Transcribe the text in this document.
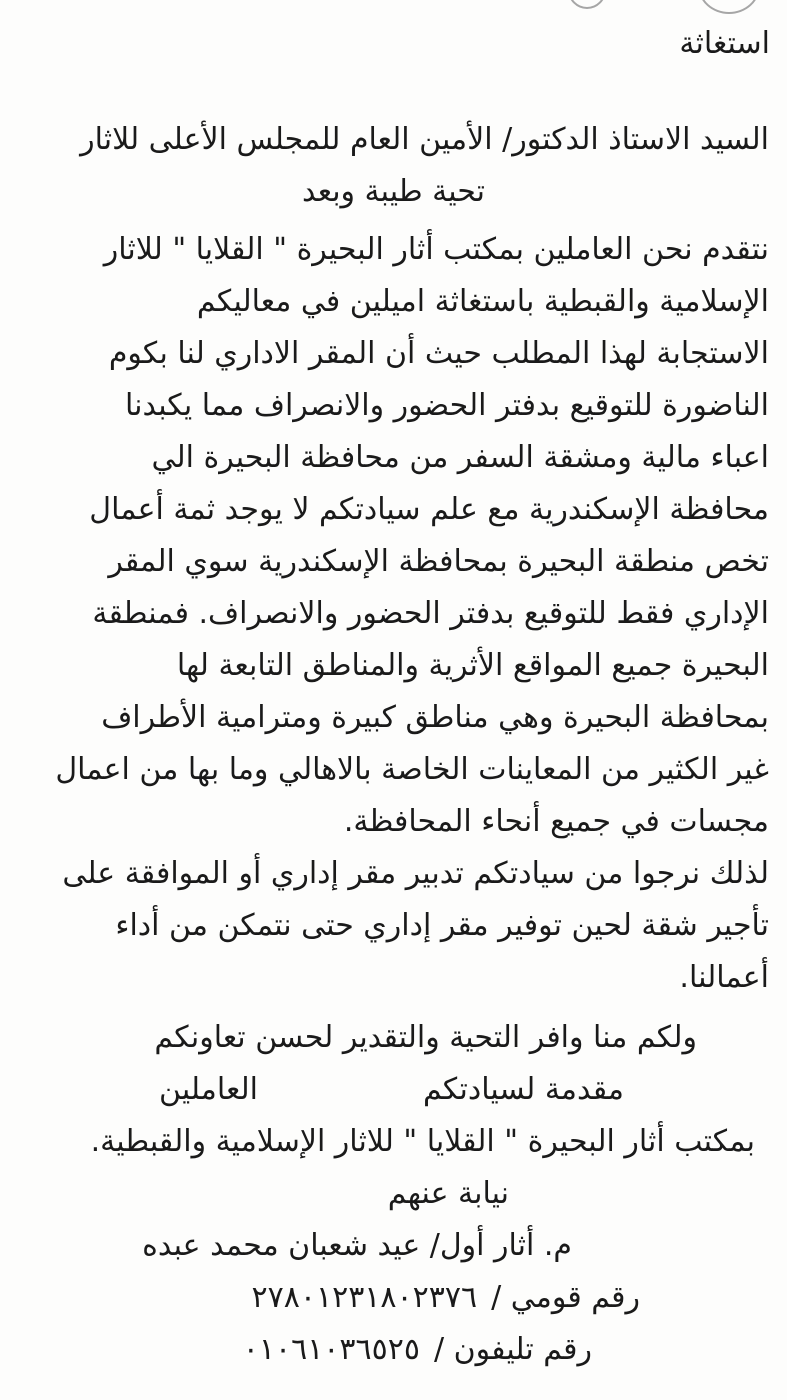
استغاثة
السيد الاستاذ الدكتور/ الأمين العام للمجلس الأعلى للاثار
تحية طيبة وبعد
نتقدم نحن العاملين بمكتب أثار البحيرة " القلايا " للاثار
الإسلامية والقبطية باستغاثة اميلين في معاليكم
الاستجابة لهذا المطلب حيث أن المقر الاداري لنا بكوم
الناضورة للتوقيع بدفتر الحضور والانصراف مما يكبدنا
اعباء مالية ومشقة السفر من محافظة البحيرة الي
محافظة الإسكندرية مع علم سيادتكم لا يوجد ثمة أعمال
تخص منطقة البحيرة بمحافظة الإسكندرية سوي المقر
الإداري فقط للتوقيع بدفتر الحضور والانصراف. فمنطقة
البحيرة جميع المواقع الأثرية والمناطق التابعة لها
بمحافظة البحيرة وهي مناطق كبيرة ومترامية الأطراف
غير الكثير من المعاينات الخاصة بالاهالي وما بها من اعمال
مجسات في جميع أنحاء المحافظة.
لذلك نرجوا من سيادتكم تدبير مقر إداري أو الموافقة على
تأجير شقة لحين توفير مقر إداري حتى نتمكن من أداء
أعمالنا.
ولكم منا وافر التحية والتقدير لحسن تعاونكم
مقدمة لسيادتكم
العاملين
بمكتب أثار البحيرة " القلايا " للاثار الإسلامية والقبطية.
نيابة عنهم
م. أثار أول/ عيد شعبان محمد عبده
رقم قومي /
٢٧٨٠١٢٣١٨٠٢٣٧٦
رقم تليفون /
٠١٠٦١٠٣٦٥٢٥
